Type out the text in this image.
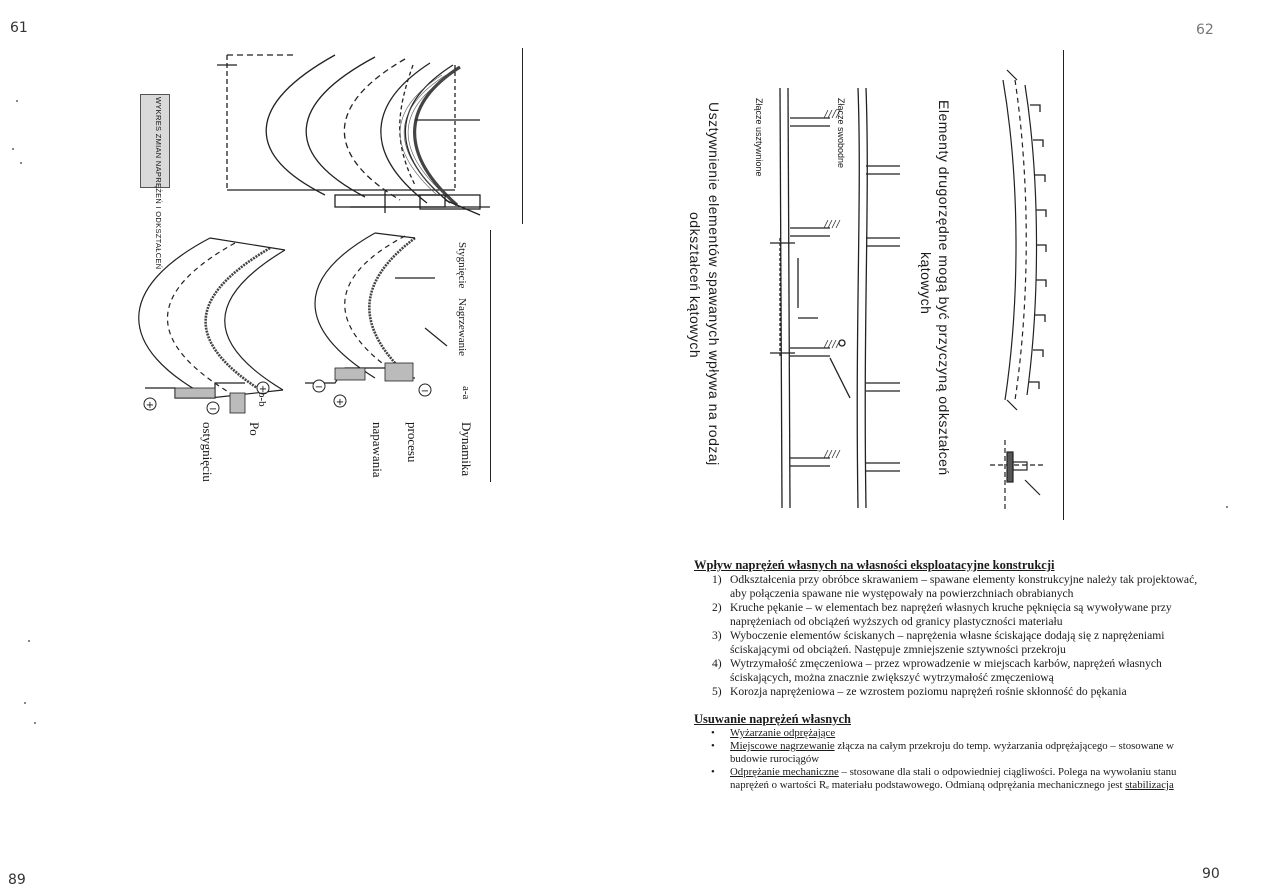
61	62
89	90
WYKRES ZMIAN NAPRĘŻEŃ I ODKSZTAŁCEŃ
+	−
+	−
+
−
Stygnięcie
Nagrzewanie
a-a
b-b
Dynamika
procesu
napawania
Po
ostygnięciu	Elementy drugorzędne mogą być przyczyną odkształceń
kątowych
Złącze swobodne
Złącze usztywnione
Usztywnienie elementów spawanych wpływa na rodzaj
odkształceń kątowych
Wpływ naprężeń własnych na własności eksploatacyjne konstrukcji
1) Odkształcenia przy obróbce skrawaniem – spawane elementy konstrukcyjne należy tak projektować, aby połączenia spawane nie występowały na powierzchniach obrabianych
2) Kruche pękanie – w elementach bez naprężeń własnych kruche pęknięcia są wywoływane przy naprężeniach od obciążeń wyższych od granicy plastyczności materiału
3) Wyboczenie elementów ściskanych – naprężenia własne ściskające dodają się z naprężeniami ściskającymi od obciążeń. Następuje zmniejszenie sztywności przekroju
4) Wytrzymałość zmęczeniowa – przez wprowadzenie w miejscach karbów, naprężeń własnych ściskających, można znacznie zwiększyć wytrzymałość zmęczeniową
5) Korozja naprężeniowa – ze wzrostem poziomu naprężeń rośnie skłonność do pękania
Usuwanie naprężeń własnych
• Wyżarzanie odprężające
• Miejscowe nagrzewanie złącza na całym przekroju do temp. wyżarzania odprężającego – stosowane w budowie rurociągów
• Odprężanie mechaniczne – stosowane dla stali o odpowiedniej ciągliwości. Polega na wywołaniu stanu naprężeń o wartości Rₑ materiału podstawowego. Odmianą odprężania mechanicznego jest stabilizacja
